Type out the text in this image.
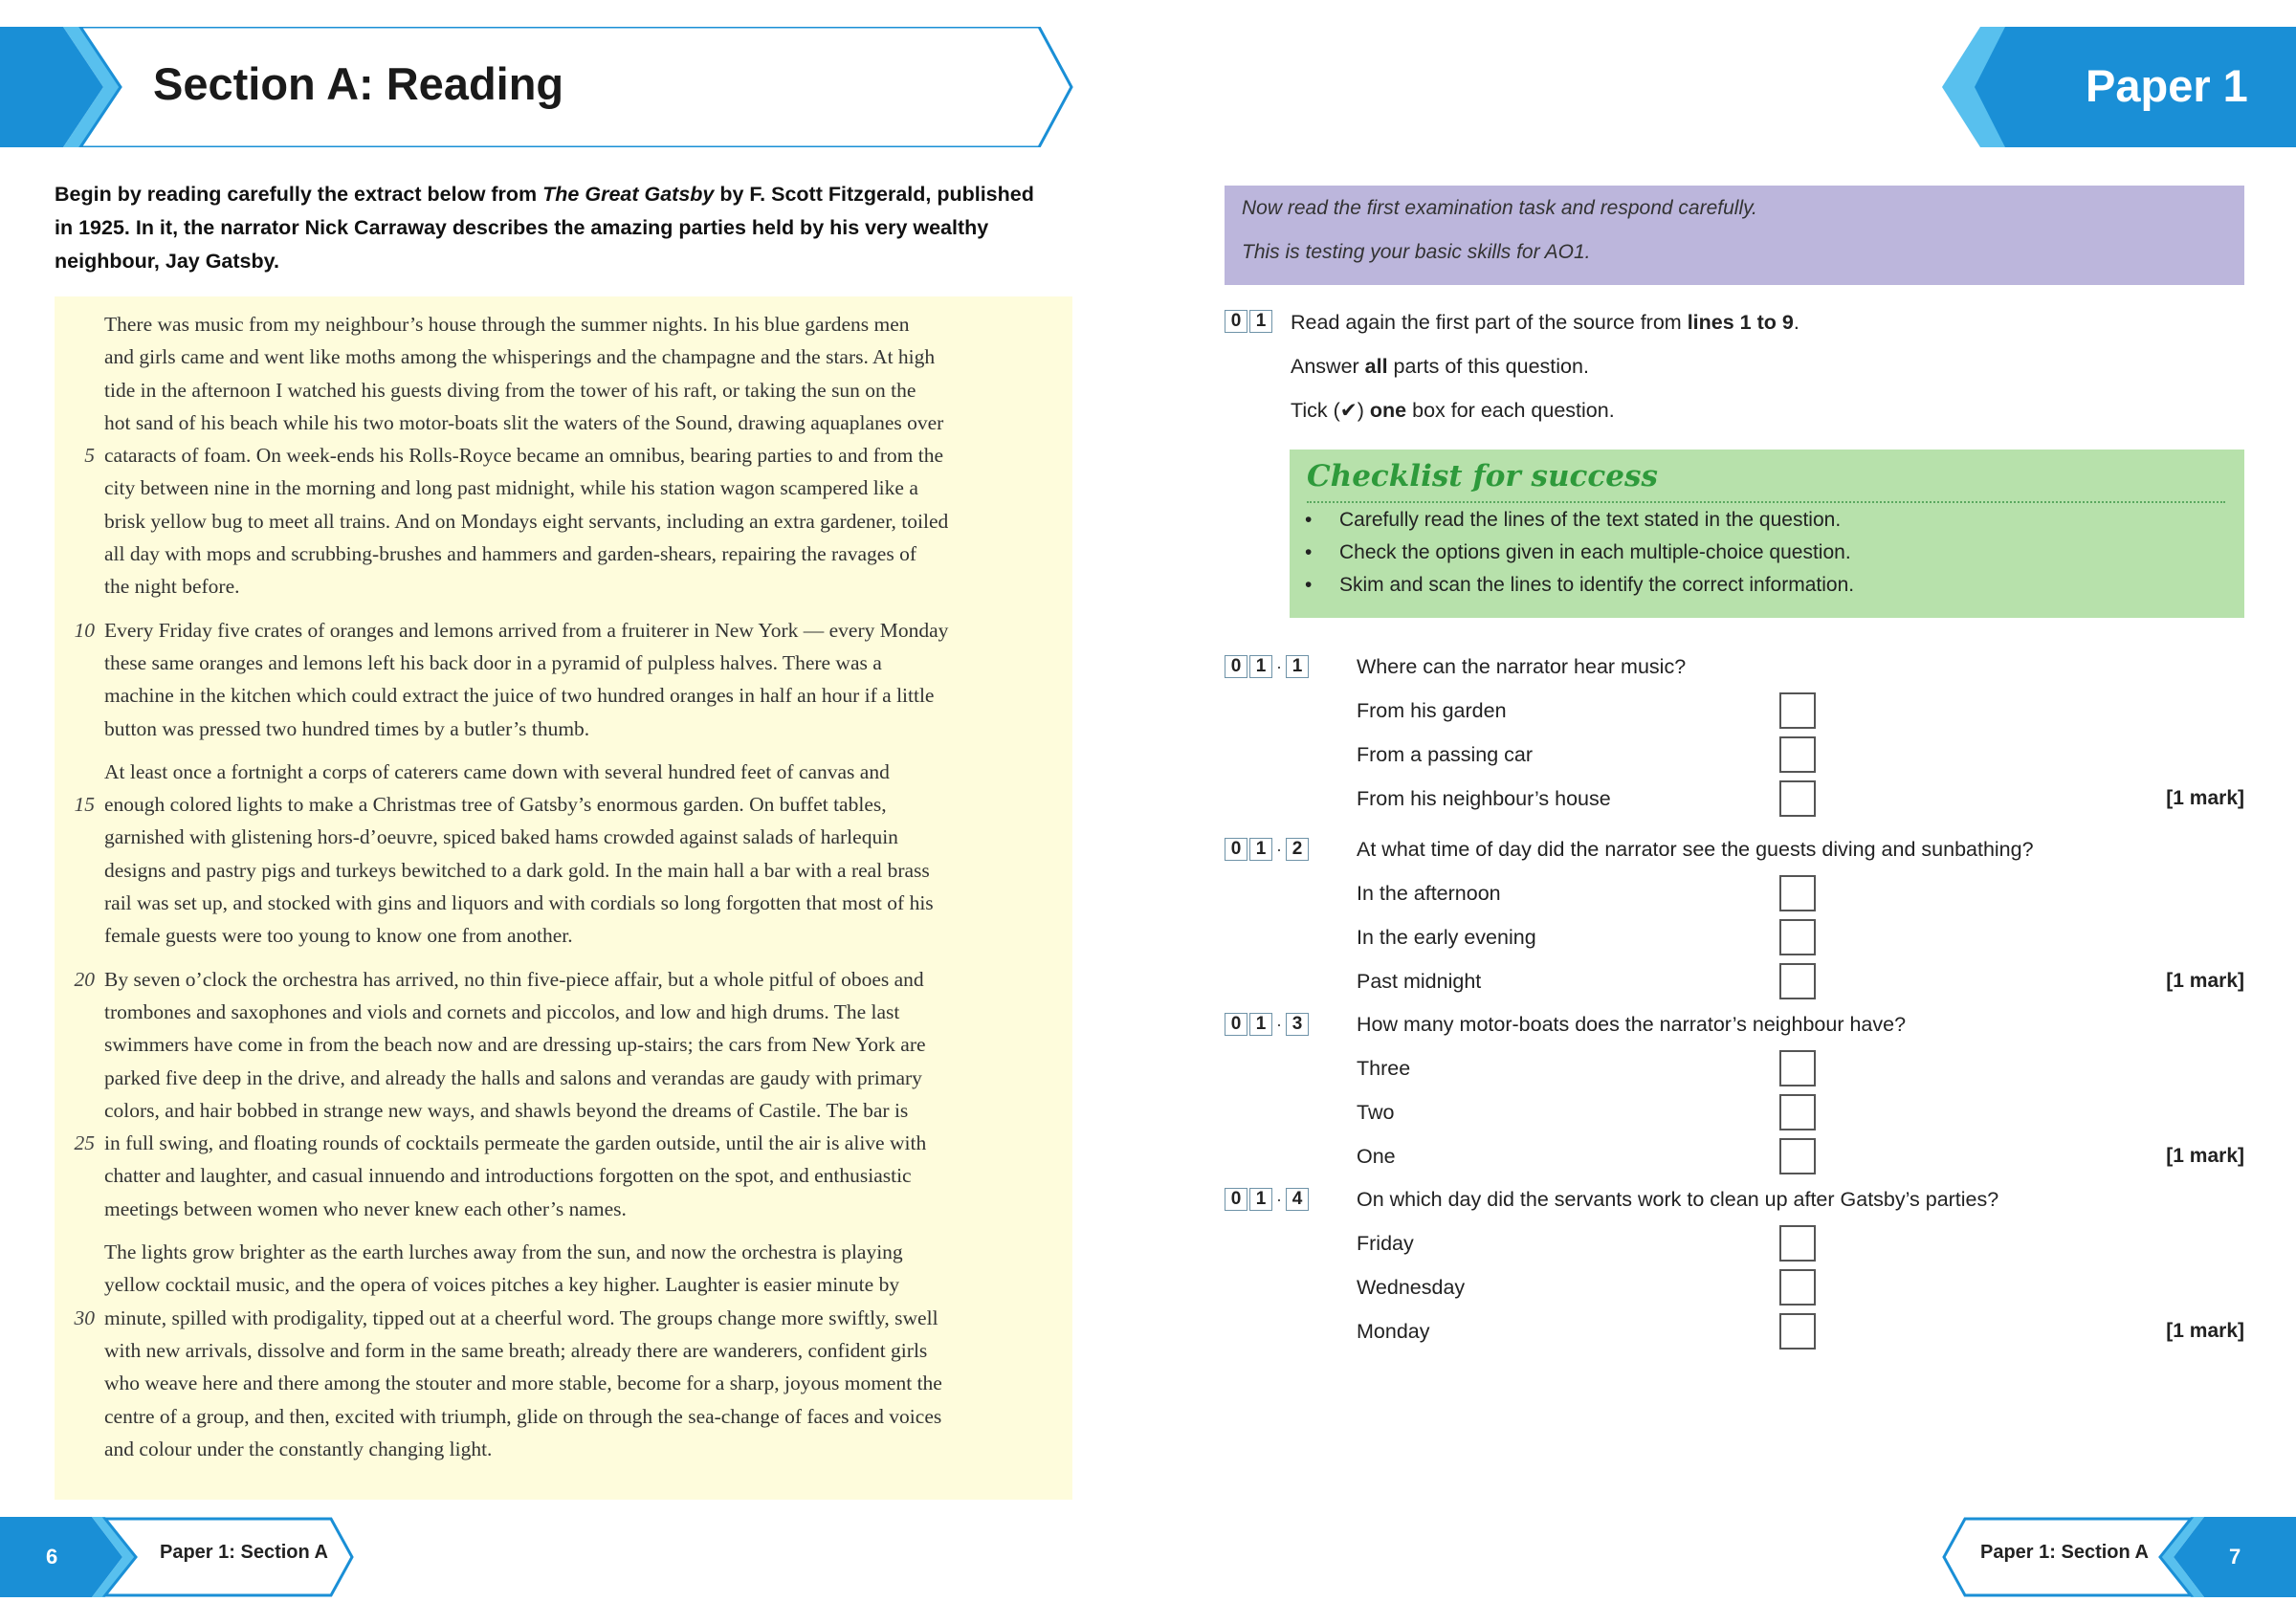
Section A: Reading	Paper 1
Begin by reading carefully the extract below from The Great Gatsby by F. Scott Fitzgerald, published
in 1925. In it, the narrator Nick Carraway describes the amazing parties held by his very wealthy
neighbour, Jay Gatsby.
There was music from my neighbour’s house through the summer nights. In his blue gardens men
and girls came and went like moths among the whisperings and the champagne and the stars. At high
tide in the afternoon I watched his guests diving from the tower of his raft, or taking the sun on the
hot sand of his beach while his two motor-boats slit the waters of the Sound, drawing aquaplanes over
5 cataracts of foam. On week-ends his Rolls-Royce became an omnibus, bearing parties to and from the
city between nine in the morning and long past midnight, while his station wagon scampered like a
brisk yellow bug to meet all trains. And on Mondays eight servants, including an extra gardener, toiled
all day with mops and scrubbing-brushes and hammers and garden-shears, repairing the ravages of
the night before.
10 Every Friday five crates of oranges and lemons arrived from a fruiterer in New York — every Monday
these same oranges and lemons left his back door in a pyramid of pulpless halves. There was a
machine in the kitchen which could extract the juice of two hundred oranges in half an hour if a little
button was pressed two hundred times by a butler’s thumb.
At least once a fortnight a corps of caterers came down with several hundred feet of canvas and
15 enough colored lights to make a Christmas tree of Gatsby’s enormous garden. On buffet tables,
garnished with glistening hors-d’oeuvre, spiced baked hams crowded against salads of harlequin
designs and pastry pigs and turkeys bewitched to a dark gold. In the main hall a bar with a real brass
rail was set up, and stocked with gins and liquors and with cordials so long forgotten that most of his
female guests were too young to know one from another.
20 By seven o’clock the orchestra has arrived, no thin five-piece affair, but a whole pitful of oboes and
trombones and saxophones and viols and cornets and piccolos, and low and high drums. The last
swimmers have come in from the beach now and are dressing up-stairs; the cars from New York are
parked five deep in the drive, and already the halls and salons and verandas are gaudy with primary
colors, and hair bobbed in strange new ways, and shawls beyond the dreams of Castile. The bar is
25 in full swing, and floating rounds of cocktails permeate the garden outside, until the air is alive with
chatter and laughter, and casual innuendo and introductions forgotten on the spot, and enthusiastic
meetings between women who never knew each other’s names.
The lights grow brighter as the earth lurches away from the sun, and now the orchestra is playing
yellow cocktail music, and the opera of voices pitches a key higher. Laughter is easier minute by
30 minute, spilled with prodigality, tipped out at a cheerful word. The groups change more swiftly, swell
with new arrivals, dissolve and form in the same breath; already there are wanderers, confident girls
who weave here and there among the stouter and more stable, become for a sharp, joyous moment the
centre of a group, and then, excited with triumph, glide on through the sea-change of faces and voices
and colour under the constantly changing light.
Now read the first examination task and respond carefully.
This is testing your basic skills for AO1.
0 1	Read again the first part of the source from lines 1 to 9.
Answer all parts of this question.
Tick (✔) one box for each question.
Checklist for success
• Carefully read the lines of the text stated in the question.
• Check the options given in each multiple-choice question.
• Skim and scan the lines to identify the correct information.
0 1 · 1	Where can the narrator hear music?
From his garden
From a passing car
From his neighbour’s house	[1 mark]
0 1 · 2	At what time of day did the narrator see the guests diving and sunbathing?
In the afternoon
In the early evening
Past midnight	[1 mark]
0 1 · 3	How many motor-boats does the narrator’s neighbour have?
Three
Two
One	[1 mark]
0 1 · 4	On which day did the servants work to clean up after Gatsby’s parties?
Friday
Wednesday
Monday	[1 mark]
6	Paper 1: Section A	Paper 1: Section A	7
